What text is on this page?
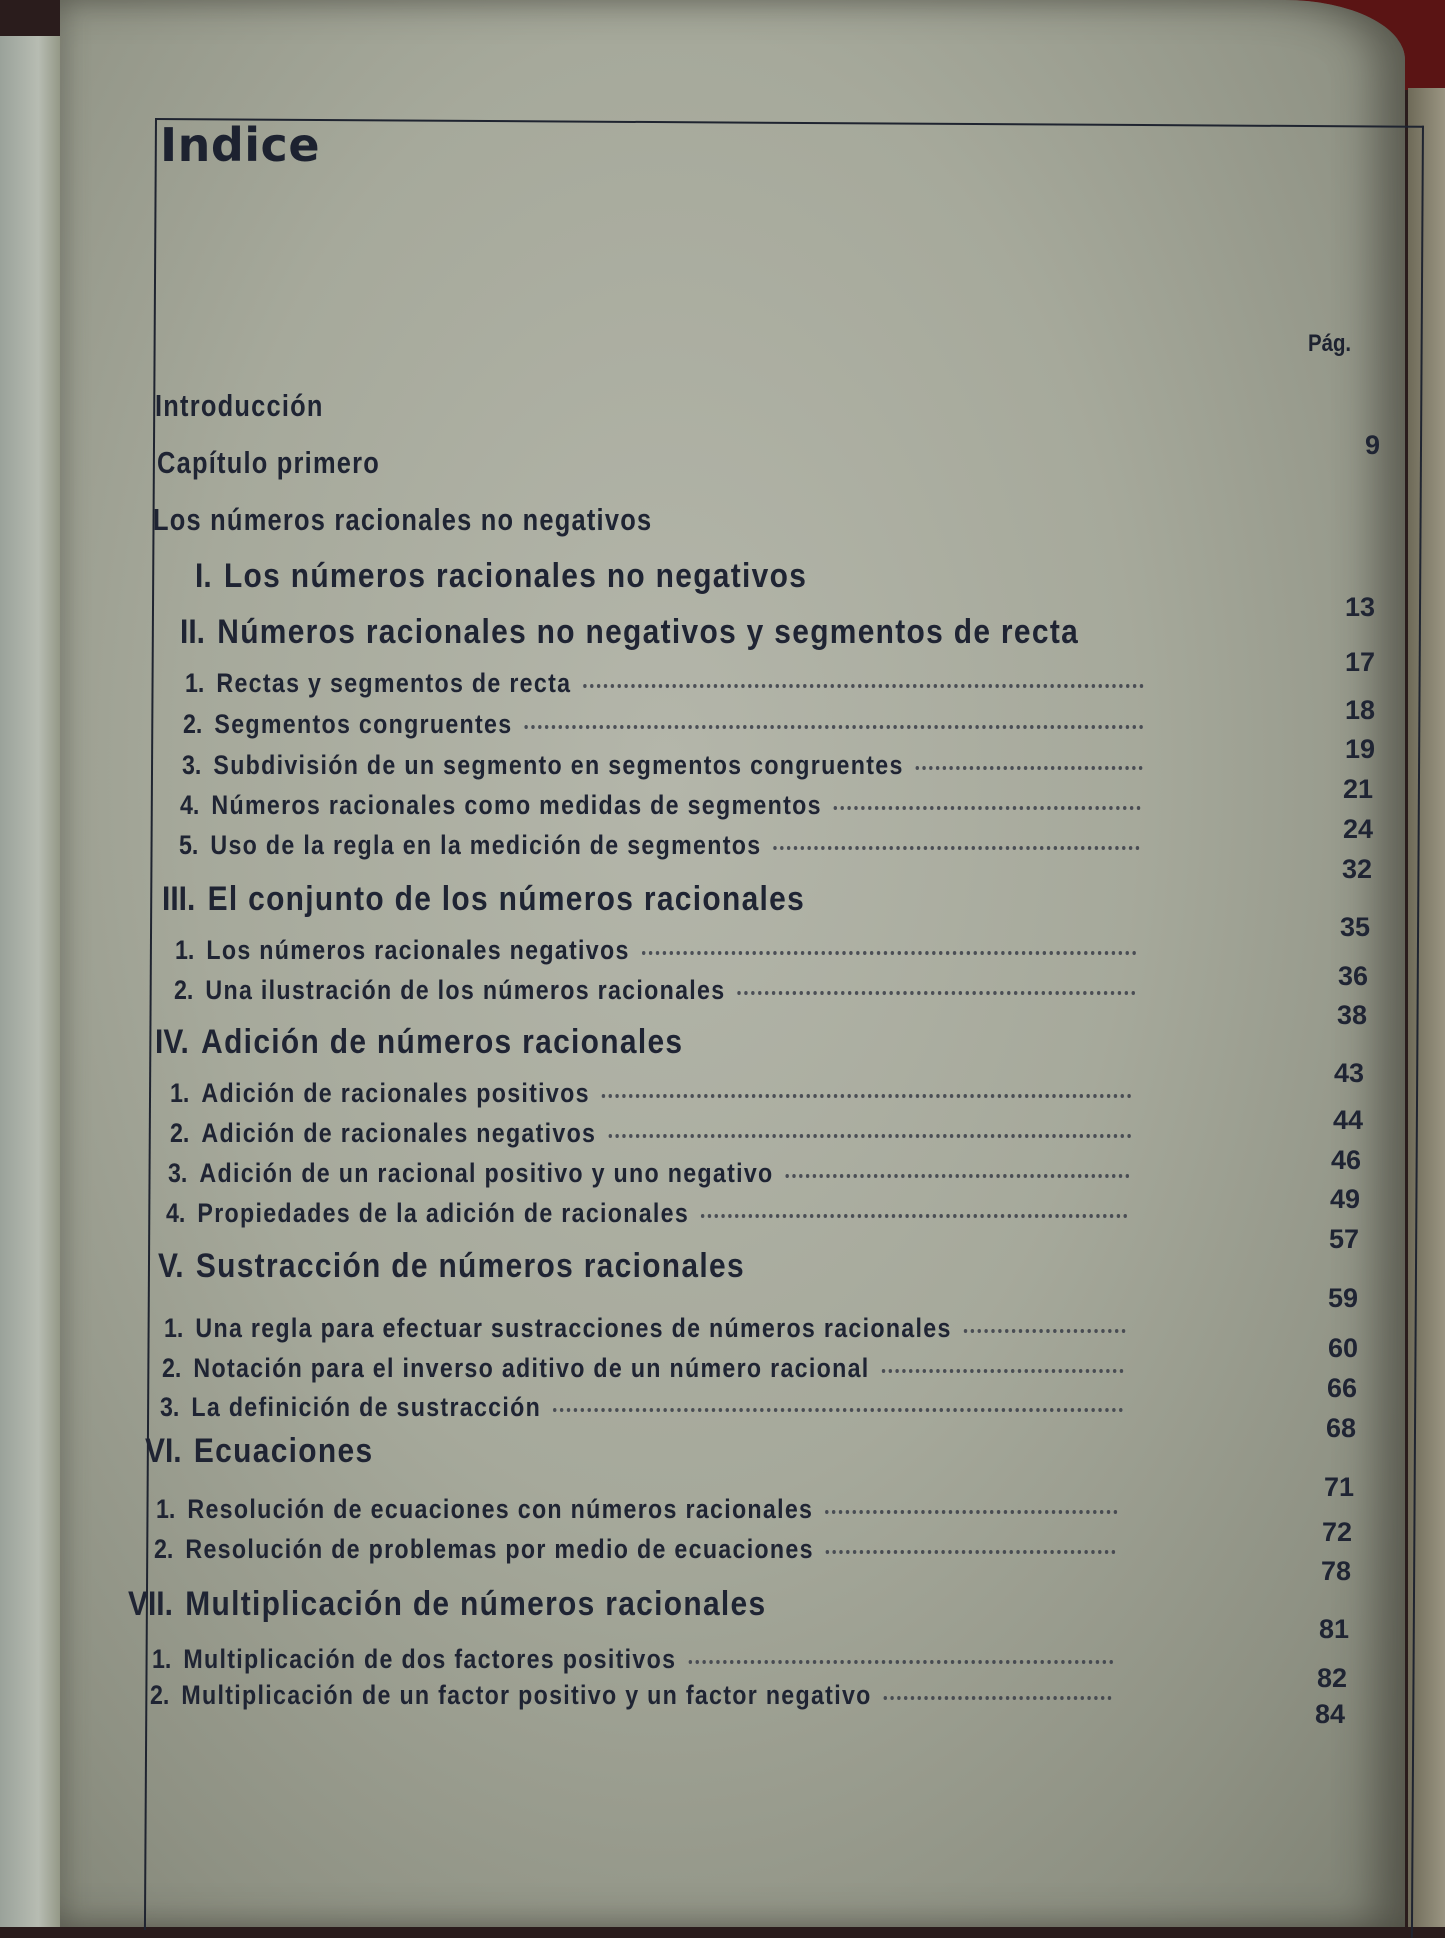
Indice
Pág.
Introducción
Capítulo primero
Los números racionales no negativos
I. Los números racionales no negativos
II. Números racionales no negativos y segmentos de recta
1. Rectas y segmentos de recta
2. Segmentos congruentes
3. Subdivisión de un segmento en segmentos congruentes
4. Números racionales como medidas de segmentos
5. Uso de la regla en la medición de segmentos
III. El conjunto de los números racionales
1. Los números racionales negativos
2. Una ilustración de los números racionales
IV. Adición de números racionales
1. Adición de racionales positivos
2. Adición de racionales negativos
3. Adición de un racional positivo y uno negativo
4. Propiedades de la adición de racionales
V. Sustracción de números racionales
1. Una regla para efectuar sustracciones de números racionales
2. Notación para el inverso aditivo de un número racional
3. La definición de sustracción
VI. Ecuaciones
1. Resolución de ecuaciones con números racionales
2. Resolución de problemas por medio de ecuaciones
VII. Multiplicación de números racionales
1. Multiplicación de dos factores positivos
2. Multiplicación de un factor positivo y un factor negativo
9
13
17
18
19
21
24
32
35
36
38
43
44
46
49
57
59
60
66
68
71
72
78
81
82
84
